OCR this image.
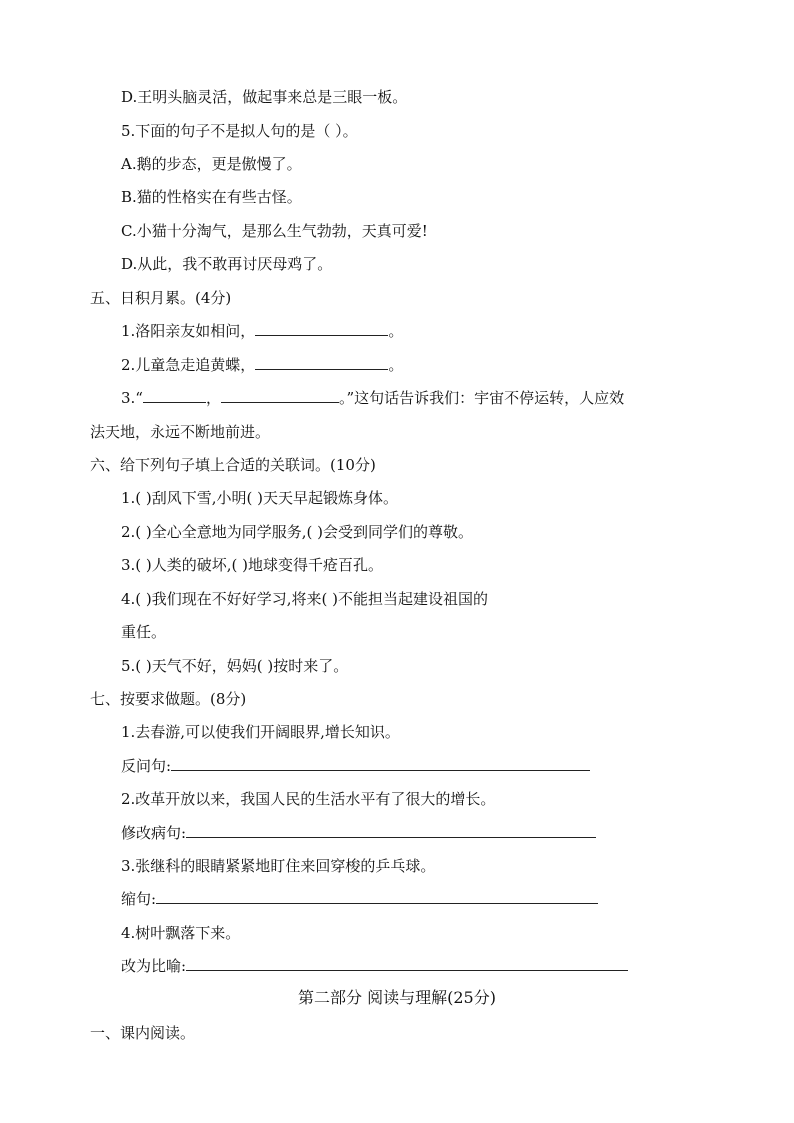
D.王明头脑灵活，做起事来总是三眼一板。
5.下面的句子不是拟人句的是（ ）。
A.鹅的步态，更是傲慢了。
B.猫的性格实在有些古怪。
C.小猫十分淘气，是那么生气勃勃，天真可爱!
D.从此，我不敢再讨厌母鸡了。
五、日积月累。(4分)
1.洛阳亲友如相问，	。
2.儿童急走追黄蝶，	。
3.“	，	。”这句话告诉我们：宇宙不停运转，人应效
法天地，永远不断地前进。
六、给下列句子填上合适的关联词。(10分)
1.( )刮风下雪,小明( )天天早起锻炼身体。
2.( )全心全意地为同学服务,( )会受到同学们的尊敬。
3.( )人类的破坏,( )地球变得千疮百孔。
4.( )我们现在不好好学习,将来( )不能担当起建设祖国的
重任。
5.( )天气不好，妈妈( )按时来了。
七、按要求做题。(8分)
1.去春游,可以使我们开阔眼界,增长知识。
反问句:
2.改革开放以来，我国人民的生活水平有了很大的增长。
修改病句:
3.张继科的眼睛紧紧地盯住来回穿梭的乒乓球。
缩句:
4.树叶飘落下来。
改为比喻:
第二部分 阅读与理解(25分)
一、课内阅读。
